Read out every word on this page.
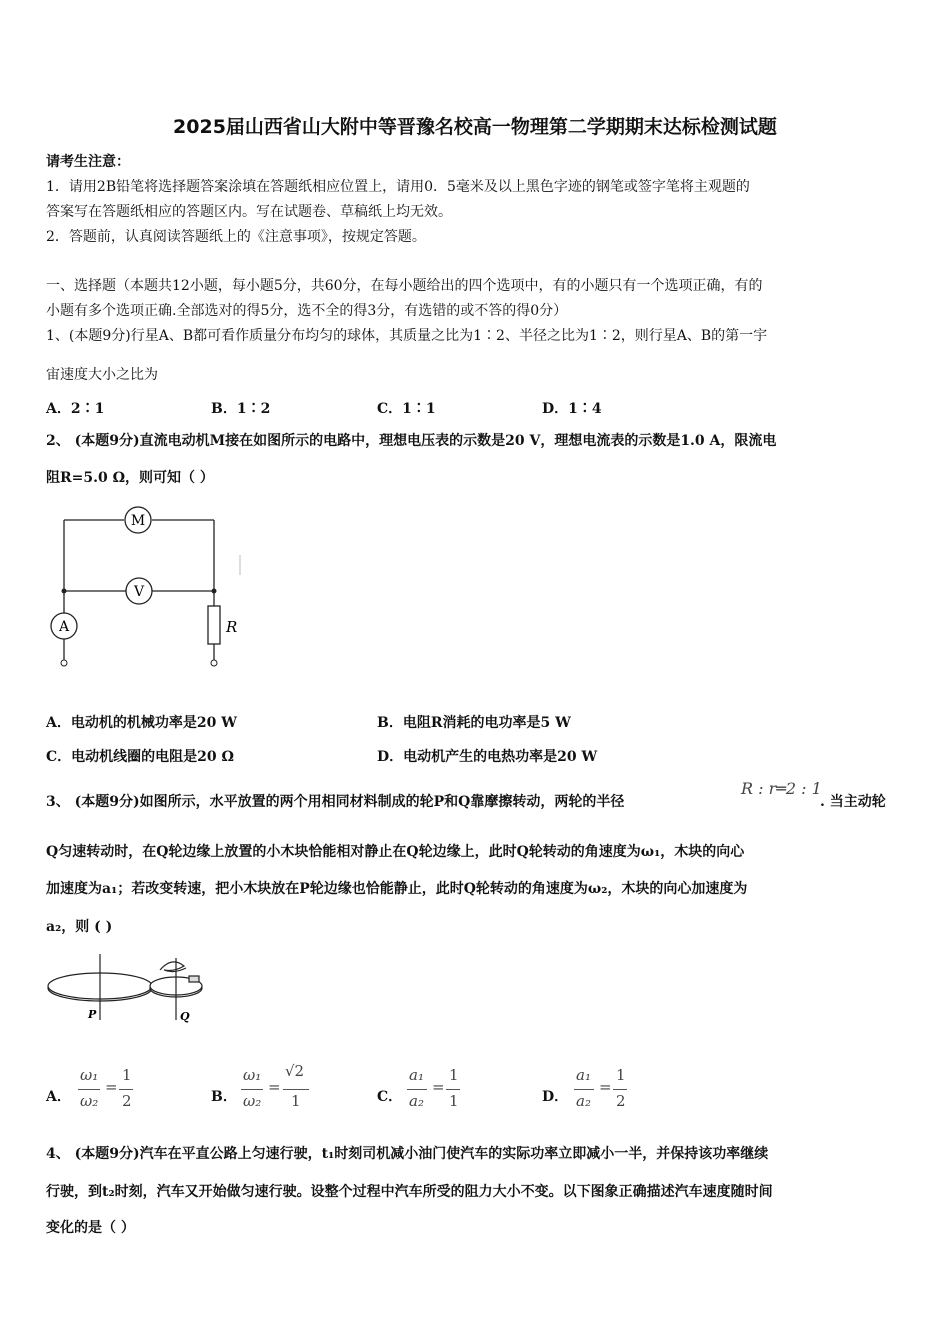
2025届山西省山大附中等晋豫名校高一物理第二学期期末达标检测试题
请考生注意：
1．请用2B铅笔将选择题答案涂填在答题纸相应位置上，请用0．5毫米及以上黑色字迹的钢笔或签字笔将主观题的
答案写在答题纸相应的答题区内。写在试题卷、草稿纸上均无效。
2．答题前，认真阅读答题纸上的《注意事项》，按规定答题。
一、选择题（本题共12小题，每小题5分，共60分，在每小题给出的四个选项中，有的小题只有一个选项正确，有的
小题有多个选项正确.全部选对的得5分，选不全的得3分，有选错的或不答的得0分）
1、(本题9分)行星A、B都可看作质量分布均匀的球体，其质量之比为1∶2、半径之比为1∶2，则行星A、B的第一宇
宙速度大小之比为
A．2∶1	B．1∶2	C．1∶1	D．1∶4
2、 (本题9分)直流电动机M接在如图所示的电路中，理想电压表的示数是20 V，理想电流表的示数是1.0 A，限流电
阻R=5.0 Ω，则可知（ ）
M
V
A	R
A．电动机的机械功率是20 W	B．电阻R消耗的电功率是5 W
C．电动机线圈的电阻是20 Ω	D．电动机产生的电热功率是20 W
3、 (本题9分)如图所示，水平放置的两个用相同材料制成的轮P和Q靠摩擦转动，两轮的半径
R : r═2 : 1
. 当主动轮
Q匀速转动时，在Q轮边缘上放置的小木块恰能相对静止在Q轮边缘上，此时Q轮转动的角速度为ω₁，木块的向心
加速度为a₁；若改变转速，把小木块放在P轮边缘也恰能静止，此时Q轮转动的角速度为ω₂，木块的向心加速度为
a₂，则 ( )
P	Q
A．
ω₁
ω₂
=
1
2	B．
ω₁
ω₂
=
√2
1	C．
a₁
a₂
=
1
1	D．
a₁
a₂
=
1
2
4、 (本题9分)汽车在平直公路上匀速行驶，t₁时刻司机减小油门使汽车的实际功率立即减小一半，并保持该功率继续
行驶，到t₂时刻，汽车又开始做匀速行驶。设整个过程中汽车所受的阻力大小不变。以下图象正确描述汽车速度随时间
变化的是（ ）
